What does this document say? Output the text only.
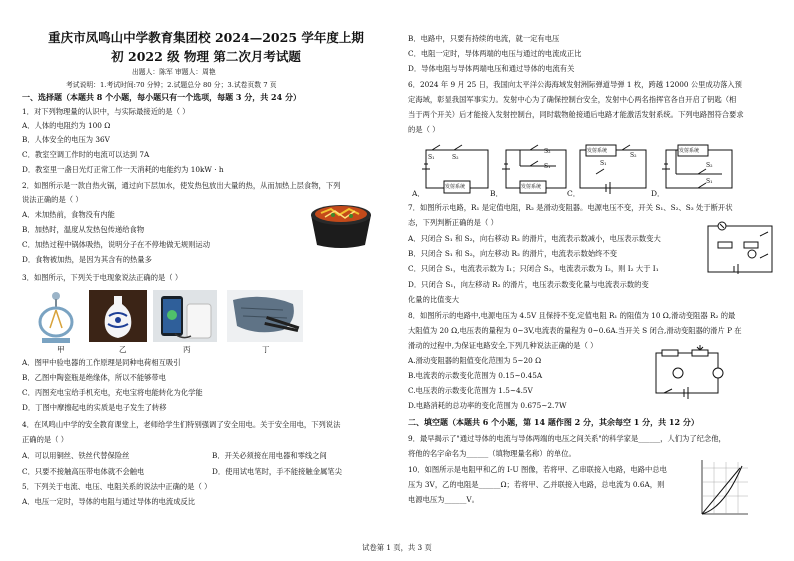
重庆市凤鸣山中学教育集团校 2024—2025 学年度上期
初 2022 级 物理 第二次月考试题
出题人：陈军 审题人：周艳
考试说明：1.考试时间:70 分钟；2.试题总分 80 分；3.试卷页数 7 页
一、选择题（本题共 8 个小题，每小题只有一个选项，每题 3 分，共 24 分）
1．对下列物理量的认识中，与实际最接近的是（ ）
A．人体的电阻约为 100 Ω
B．人体安全的电压为 36V
C．教室空调工作时的电流可以达到 7A
D．教室里一盏日光灯正常工作一天消耗的电能约为 10kW · h
2．如图所示是一款自热火锅，通过向下层加水，使发热包放出大量的热，从而加热上层食物，下列
说法正确的是（ ）
A．未加热前，食物没有内能
B．加热时，温度从发热包传递给食物
C．加热过程中锅体吸热，说明分子在不停地做无规则运动
D．食物被加热，是因为其含有的热量多
3．如图所示，下列关于电现象说法正确的是（ ）
甲	乙	丙	丁
A．图甲中验电器的工作原理是同种电荷相互吸引
B．乙图中陶瓷瓶是绝缘体，所以不能够带电
C．丙图充电宝给手机充电，充电宝将电能转化为化学能
D．丁图中摩擦起电的实质是电子发生了转移
4．在风鸣山中学的安全教育课堂上，老师给学生们特别强调了安全用电。关于安全用电，下列说法
正确的是（ ）
A．可以用铜丝、铁丝代替保险丝	B．开关必须接在用电器和零线之间
C．只要不接触高压带电体就不会触电	D．使用试电笔时，手不能接触金属笔尖
5．下列关于电流、电压、电阻关系的说法中正确的是（ ）
A．电压一定时，导体的电阻与通过导体的电流成反比
B．电路中，只要有持续的电流，就一定有电压
C．电阻一定时，导体两端的电压与通过的电流成正比
D．导体电阻与导体两端电压和通过导体的电流有关
6．2024 年 9 月 25 日，我国向太平洋公海海域发射洲际弹道导弹 1 枚，跨越 12000 公里成功落入预
定海域，彰显我国军事实力。发射中心为了确保控制台安全，发射中心两名指挥官各自开启了钥匙（相
当于两个开关）后才能接入发射控制台，同时载物舱接通后电路才能激活发射系统。下列电路图符合要求
的是（ ）
S₁	S₂
发射系统
S₂
S₁
发射系统
发射系统
S₂
S₁
发射系统
S₂
S₁
A．	B．	C．	D．
7．如图所示电路，R₁ 是定值电阻，R₂ 是滑动变阻器。电源电压不变，开关 S₁、S₂、S₃ 处于断开状
态，下列判断正确的是（ ）
A．只闭合 S₁ 和 S₂，向右移动 R₂ 的滑片，电流表示数减小，电压表示数变大
B．只闭合 S₁ 和 S₂，向左移动 R₂ 的滑片，电流表示数始终不变
C．只闭合 S₁，电流表示数为 I₁；只闭合 S₂，电流表示数为 I₂，则 I₂ 大于 I₁
D．只闭合 S₁，向左移动 R₂ 的滑片，电压表示数变化量与电流表示数的变
化量的比值变大
8．如图所示的电路中,电源电压为 4.5V 且保持不变,定值电阻 R₁ 的阻值为 10 Ω,滑动变阻器 R₂ 的最
大阻值为 20 Ω,电压表的量程为 0~3V,电流表的量程为 0~0.6A.当开关 S 闭合,滑动变阻器的滑片 P 在
滑动的过程中,为保证电路安全,下列几种说法正确的是（ ）
A.滑动变阻器的阻值变化范围为 5~20 Ω
B.电流表的示数变化范围为 0.15~0.45A
C.电压表的示数变化范围为 1.5~4.5V
D.电路消耗的总功率的变化范围为 0.675~2.7W
二、填空题（本题共 6 个小题，第 14 题作图 2 分，其余每空 1 分，共 12 分）
9．最早揭示了"通过导体的电流与导体两端的电压之间关系"的科学家是______，人们为了纪念他，
将他的名字命名为______（填物理量名称）的单位。
10．如图所示是电阻甲和乙的 I-U 图像，若将甲、乙串联接入电路，电路中总电
压为 3V，乙的电阻是______Ω；若将甲、乙并联接入电路，总电流为 0.6A，则
电源电压为______V。
试卷第 1 页，共 3 页
